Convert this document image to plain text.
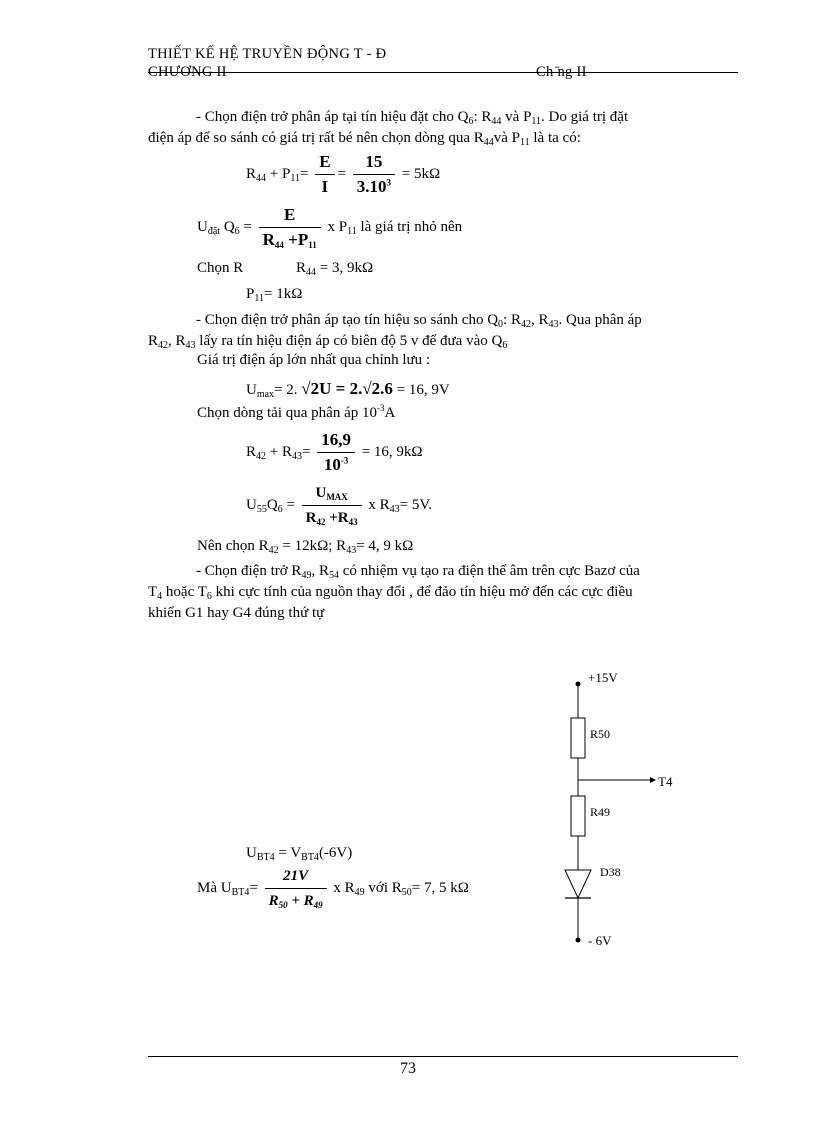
THIẾT KẾ HỆ TRUYỀN ĐỘNG T - Đ
CHƯƠNG II	Ch ̄ng II
- Chọn điện trở phân áp tại tín hiệu đặt cho $Q_6$: $R_{44}$ và $P_{11}$. Do giá trị đặt
điện áp để so sánh có giá trị rất bé nên chọn dòng qua $R_{44}và$ $P_{11}$ là ta có:
$R_{44} + P_{11}= \frac{E}{I} = \frac{15}{3.10^3} = 5k\Omega$
$U_{đặt}$ $Q_6 = \frac{E}{R_{44} +P_{11}}$ x $P_{11}$ là giá trị nhỏ nên
Chọn R	$R_{44} = 3$, 9kΩ
$P_{11}= 1k\Omega$
- Chọn điện trở phân áp tạo tín hiệu so sánh cho $Q_0$: $R_{42}$, $R_{43}$. Qua phân áp
$R_{42}$, $R_{43}$ lấy ra tín hiệu điện áp có biên độ 5 v để đưa vào $Q_6$
Giá trị điện áp lớn nhất qua chỉnh lưu :
$U_{max}= 2$. √2U = 2.√2.6 = 16, 9V
Chọn dòng tải qua phân áp $10^{-3}A$
$R_{42} + R_{43}= \frac{16,9}{10^{-3}} = 16$, 9kΩ
$U_{55}Q_6 = \frac{U_{MAX}}{R_{42} +R_{43}}$ x $R_{43}= 5V$.
Nên chọn $R_{42} = 12k\Omega$; $R_{43}= 4$, 9 kΩ
- Chọn điện trở $R_{49}$, $R_{54}$ có nhiệm vụ tạo ra điện thế âm trên cực Bazơ của
$T_4$ hoặc $T_6$ khi cực tính của nguồn thay đổi , để đảo tín hiệu mở đến các cực điều
khiển G1 hay G4 đúng thứ tự
$U_{BT4} = V_{BT4}(-6V)$
Mà $U_{BT4}= \frac{21V}{R_{50} + R_{49}}$ x $R_{49}$ với $R_{50}= 7$, 5 kΩ
+15V
R50
T4
R49
D38
- 6V
73
